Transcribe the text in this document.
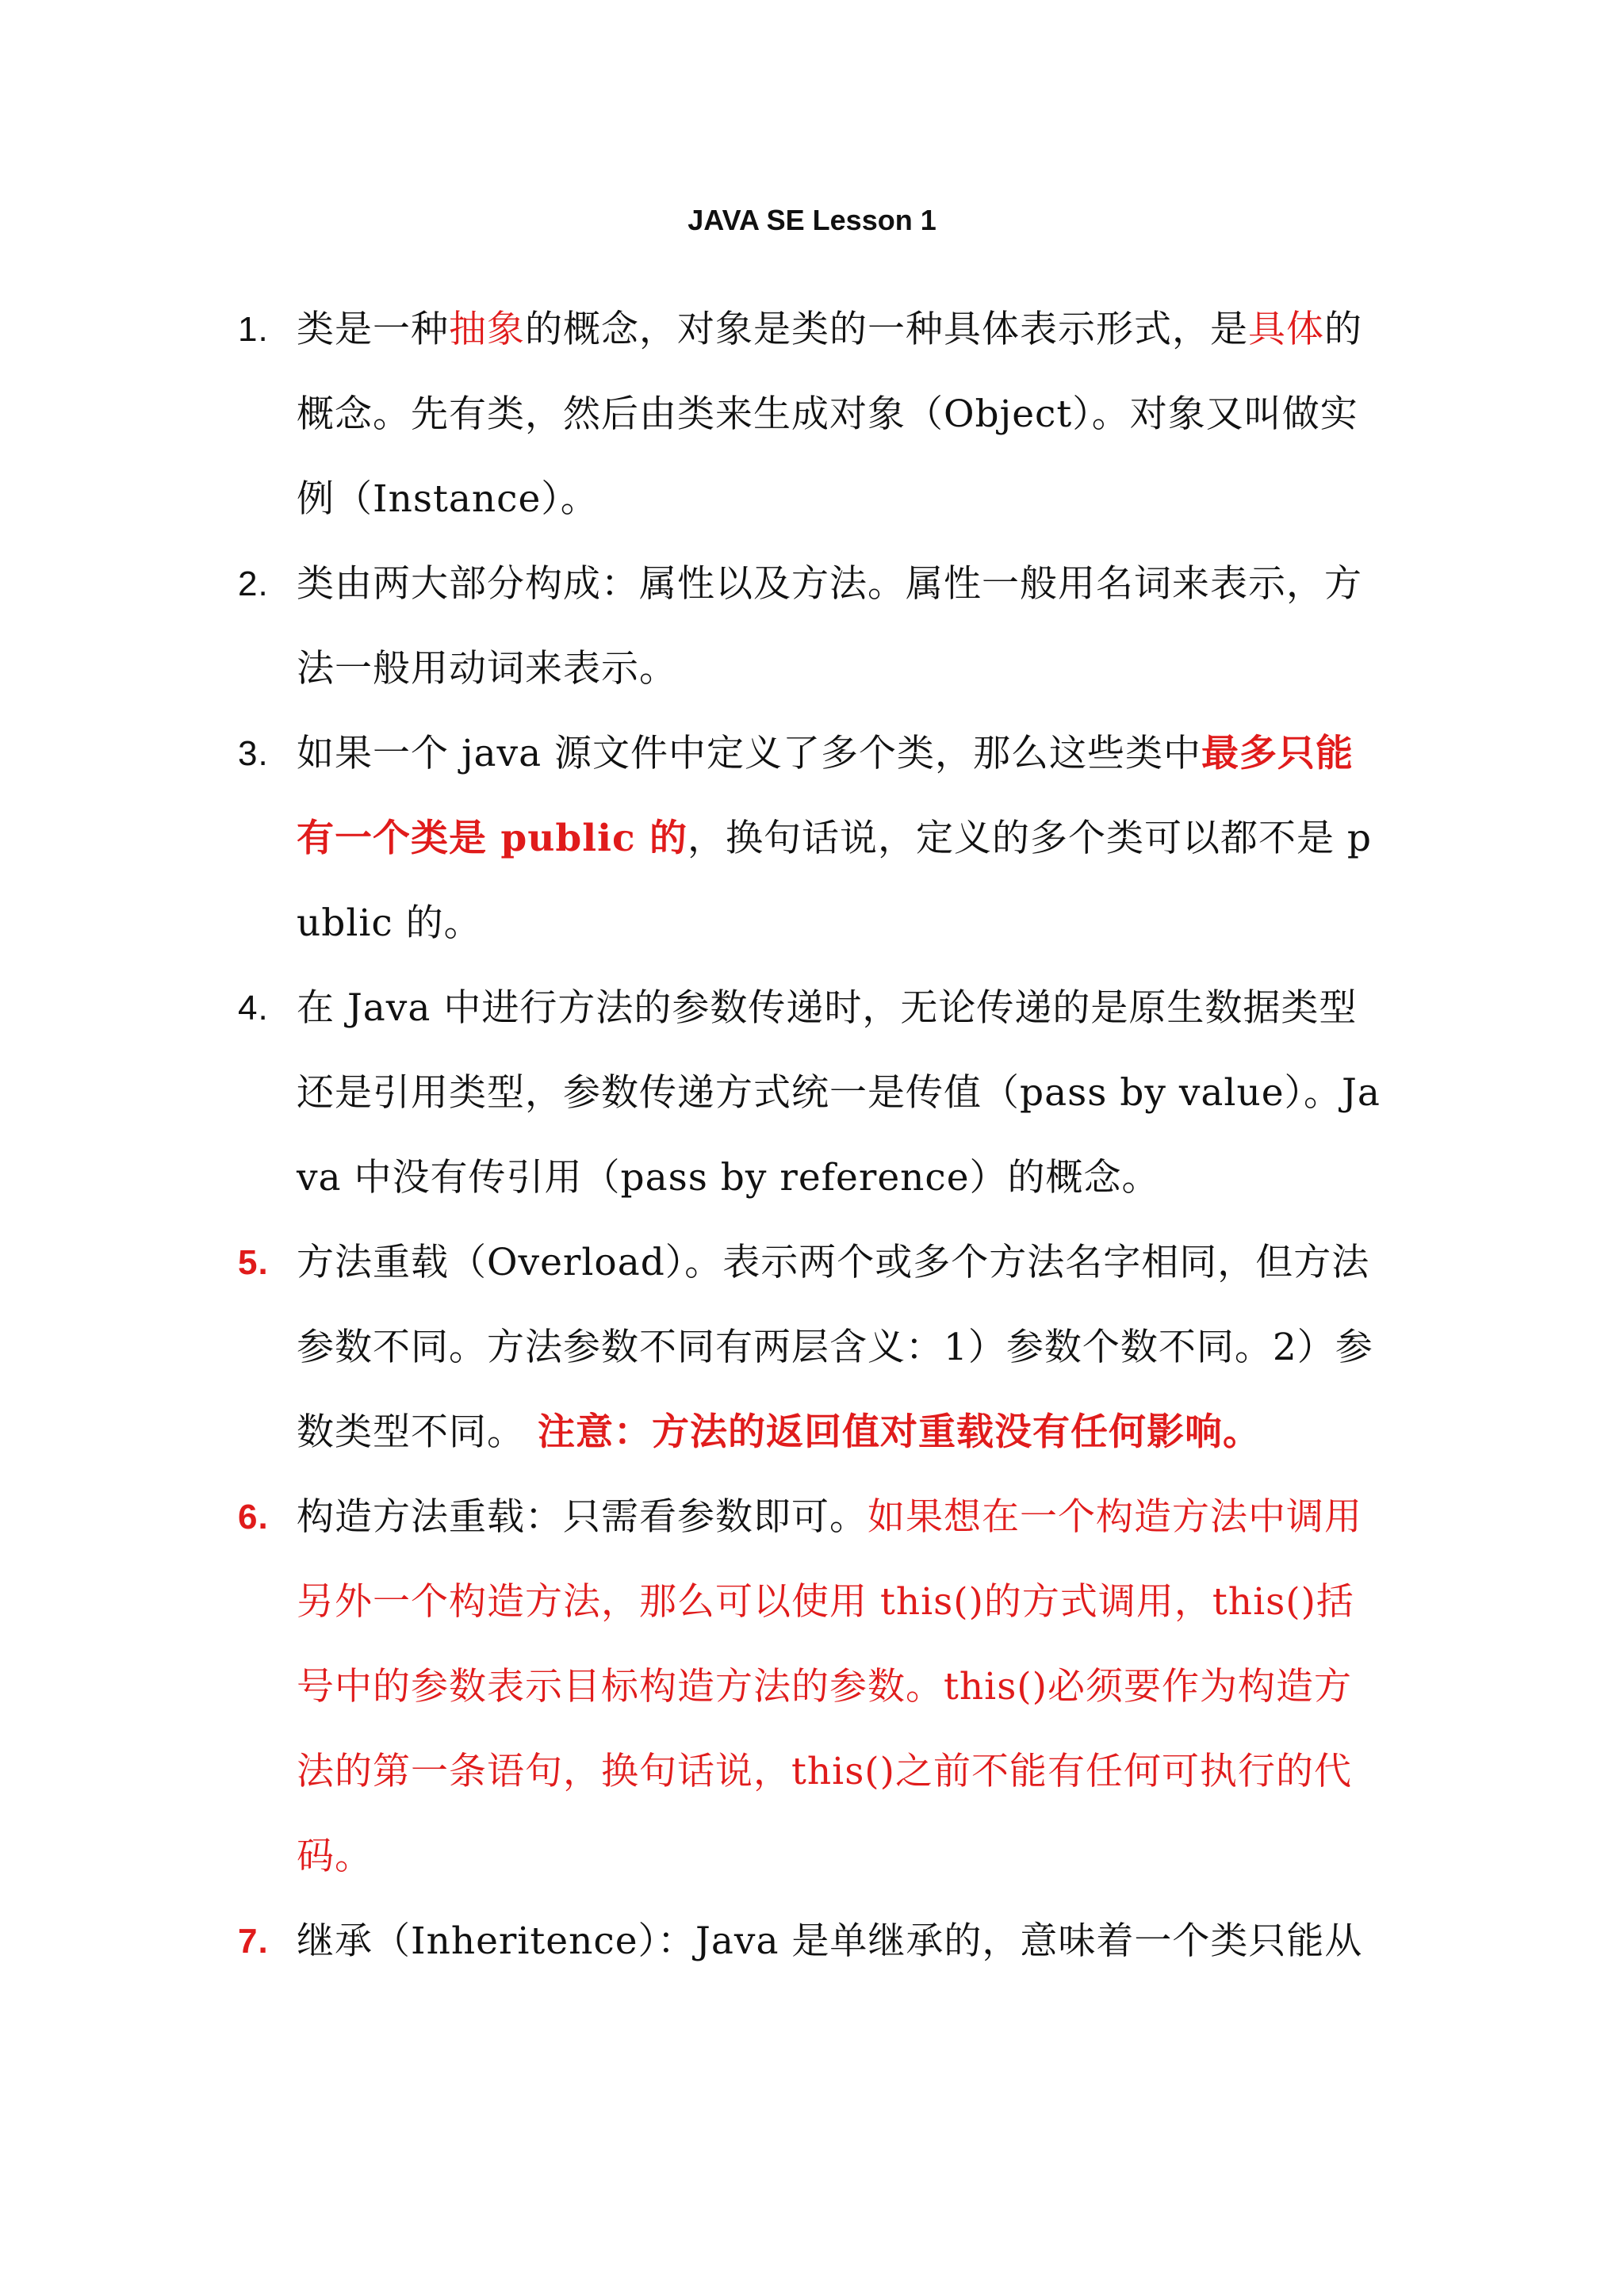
JAVA SE Lesson 1
1. 类是一种抽象的概念，对象是类的一种具体表示形式，是具体的概念。先有类，然后由类来生成对象（Object）。对象又叫做实例（Instance）。
2. 类由两大部分构成：属性以及方法。属性一般用名词来表示，方法一般用动词来表示。
3. 如果一个 java 源文件中定义了多个类，那么这些类中最多只能有一个类是 public 的，换句话说，定义的多个类可以都不是 public 的。
4. 在 Java 中进行方法的参数传递时，无论传递的是原生数据类型还是引用类型，参数传递方式统一是传值（pass by value）。Java 中没有传引用（pass by reference）的概念。
5. 方法重载（Overload）。表示两个或多个方法名字相同，但方法参数不同。方法参数不同有两层含义：1）参数个数不同。2）参数类型不同。 注意：方法的返回值对重载没有任何影响。
6. 构造方法重载：只需看参数即可。如果想在一个构造方法中调用另外一个构造方法，那么可以使用 this()的方式调用，this()括号中的参数表示目标构造方法的参数。this()必须要作为构造方法的第一条语句，换句话说，this()之前不能有任何可执行的代码。
7. 继承（Inheritence）：Java 是单继承的，意味着一个类只能从
